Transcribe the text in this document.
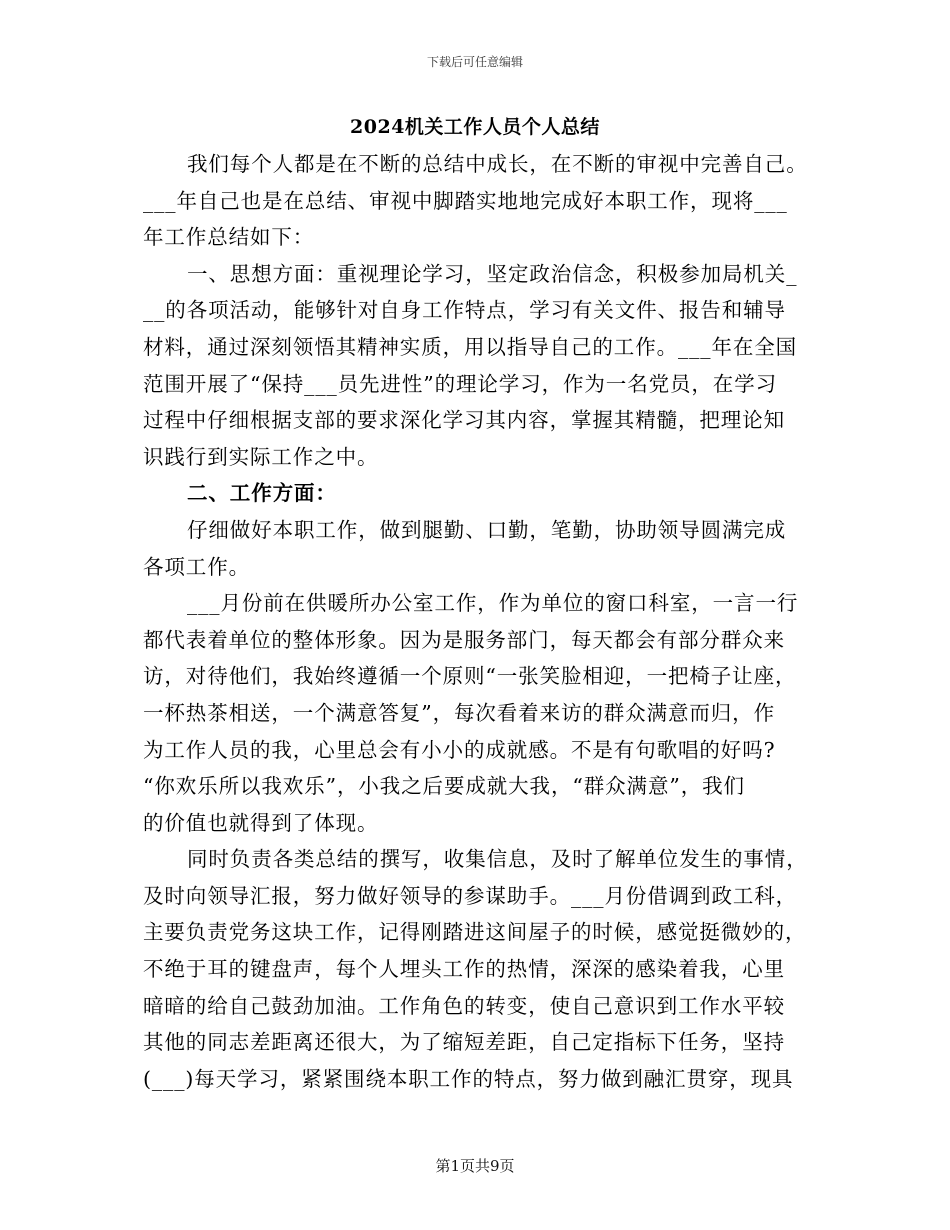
下载后可任意编辑
2024机关工作人员个人总结
我们每个人都是在不断的总结中成长，在不断的审视中完善自己。
___年自己也是在总结、审视中脚踏实地地完成好本职工作，现将___
年工作总结如下：
一、思想方面：重视理论学习，坚定政治信念，积极参加局机关_
__的各项活动，能够针对自身工作特点，学习有关文件、报告和辅导
材料，通过深刻领悟其精神实质，用以指导自己的工作。___年在全国
范围开展了“保持___员先进性”的理论学习，作为一名党员，在学习
过程中仔细根据支部的要求深化学习其内容，掌握其精髓，把理论知
识践行到实际工作之中。
二、工作方面：
仔细做好本职工作，做到腿勤、口勤，笔勤，协助领导圆满完成
各项工作。
___月份前在供暖所办公室工作，作为单位的窗口科室，一言一行
都代表着单位的整体形象。因为是服务部门，每天都会有部分群众来
访，对待他们，我始终遵循一个原则“一张笑脸相迎，一把椅子让座，
一杯热茶相送，一个满意答复”，每次看着来访的群众满意而归，作
为工作人员的我，心里总会有小小的成就感。不是有句歌唱的好吗?
“你欢乐所以我欢乐”，小我之后要成就大我，“群众满意”，我们
的价值也就得到了体现。
同时负责各类总结的撰写，收集信息，及时了解单位发生的事情，
及时向领导汇报，努力做好领导的参谋助手。___月份借调到政工科，
主要负责党务这块工作，记得刚踏进这间屋子的时候，感觉挺微妙的，
不绝于耳的键盘声，每个人埋头工作的热情，深深的感染着我，心里
暗暗的给自己鼓劲加油。工作角色的转变，使自己意识到工作水平较
其他的同志差距离还很大，为了缩短差距，自己定指标下任务，坚持
(___)每天学习，紧紧围绕本职工作的特点，努力做到融汇贯穿，现具
第1页共9页
